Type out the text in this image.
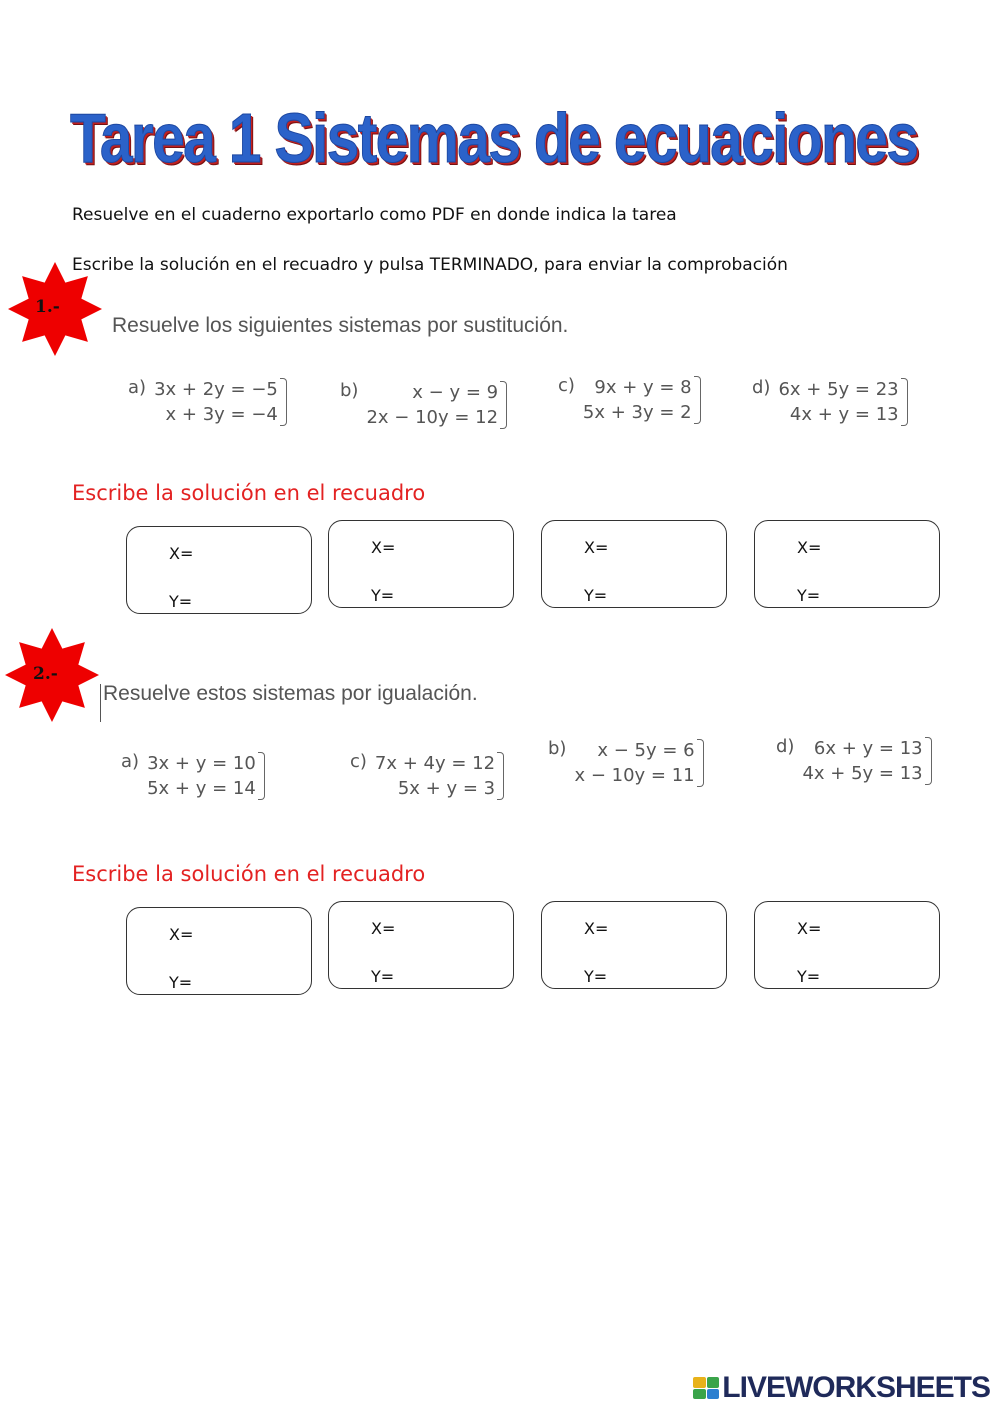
Tarea 1 Sistemas de ecuaciones
Resuelve en el cuaderno exportarlo como PDF en donde indica la tarea
Escribe la solución en el recuadro y pulsa TERMINADO, para enviar la comprobación
1.-
Resuelve los siguientes sistemas por sustitución.
a) 3x + 2y = −5
x + 3y = −4
b)	x − y = 9
2x − 10y = 12
c) 9x + y = 8
5x + 3y = 2
d) 6x + 5y = 23
4x + y = 13
Escribe la solución en el recuadro
X=
Y=
X=
Y=
X=
Y=
X=
Y=
2.-
Resuelve estos sistemas por igualación.
a) 3x + y = 10
5x + y = 14
c) 7x + 4y = 12
5x + y = 3
b) x − 5y = 6
x − 10y = 11
d) 6x + y = 13
4x + 5y = 13
Escribe la solución en el recuadro
X=
Y=
X=
Y=
X=
Y=
X=
Y=
LIVEWORKSHEETS
